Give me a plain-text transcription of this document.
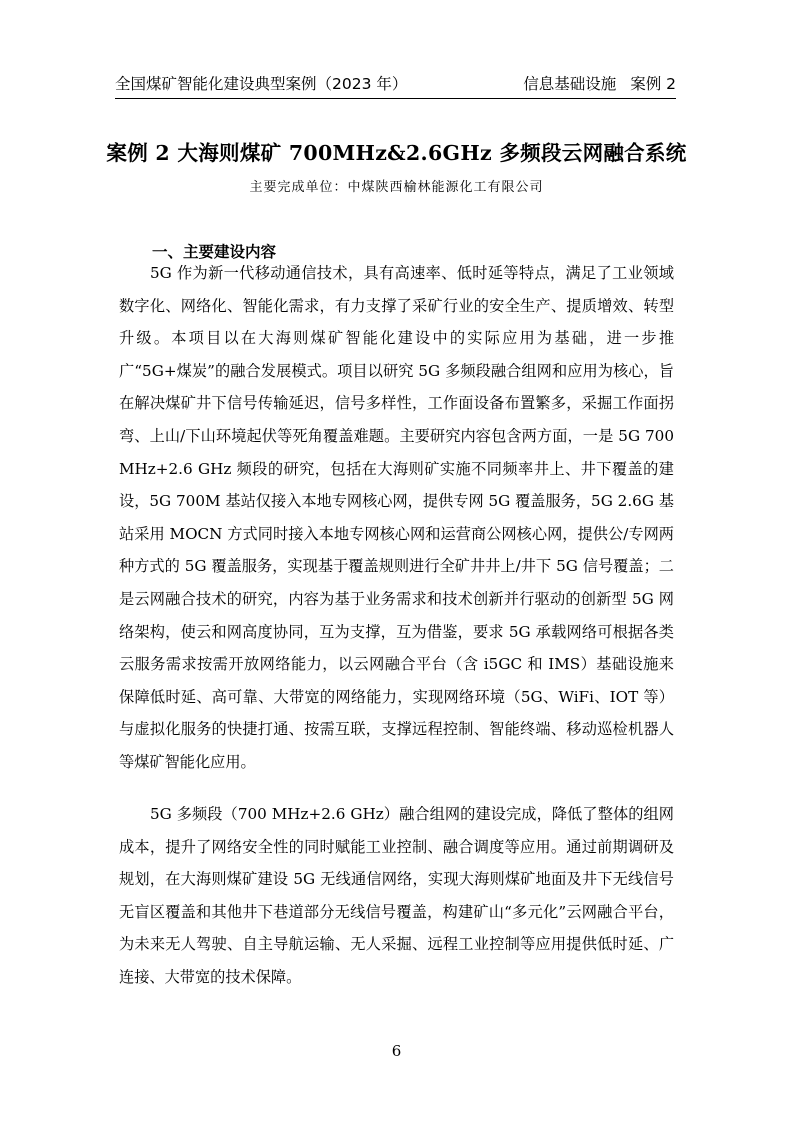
全国煤矿智能化建设典型案例（2023 年）	信息基础设施 案例 2
案例 2 大海则煤矿 700MHz&2.6GHz 多频段云网融合系统
主要完成单位：中煤陕西榆林能源化工有限公司
一、主要建设内容

5G 作为新一代移动通信技术，具有高速率、低时延等特点，满足了工业领域数字化、网络化、智能化需求，有力支撑了采矿行业的安全生产、提质增效、转型升级。本项目以在大海则煤矿智能化建设中的实际应用为基础，进一步推广“5G+煤炭”的融合发展模式。项目以研究 5G 多频段融合组网和应用为核心，旨在解决煤矿井下信号传输延迟，信号多样性，工作面设备布置繁多，采掘工作面拐弯、上山/下山环境起伏等死角覆盖难题。主要研究内容包含两方面，一是 5G 700 MHz+2.6 GHz 频段的研究，包括在大海则矿实施不同频率井上、井下覆盖的建设，5G 700M 基站仅接入本地专网核心网，提供专网 5G 覆盖服务，5G 2.6G 基站采用 MOCN 方式同时接入本地专网核心网和运营商公网核心网，提供公/专网两种方式的 5G 覆盖服务，实现基于覆盖规则进行全矿井井上/井下 5G 信号覆盖；二是云网融合技术的研究，内容为基于业务需求和技术创新并行驱动的创新型 5G 网络架构，使云和网高度协同，互为支撑，互为借鉴，要求 5G 承载网络可根据各类云服务需求按需开放网络能力，以云网融合平台（含 i5GC 和 IMS）基础设施来保障低时延、高可靠、大带宽的网络能力，实现网络环境（5G、WiFi、IOT 等）与虚拟化服务的快捷打通、按需互联，支撑远程控制、智能终端、移动巡检机器人等煤矿智能化应用。

5G 多频段（700 MHz+2.6 GHz）融合组网的建设完成，降低了整体的组网成本，提升了网络安全性的同时赋能工业控制、融合调度等应用。通过前期调研及规划，在大海则煤矿建设 5G 无线通信网络，实现大海则煤矿地面及井下无线信号无盲区覆盖和其他井下巷道部分无线信号覆盖，构建矿山“多元化”云网融合平台，为未来无人驾驶、自主导航运输、无人采掘、远程工业控制等应用提供低时延、广连接、大带宽的技术保障。

6
